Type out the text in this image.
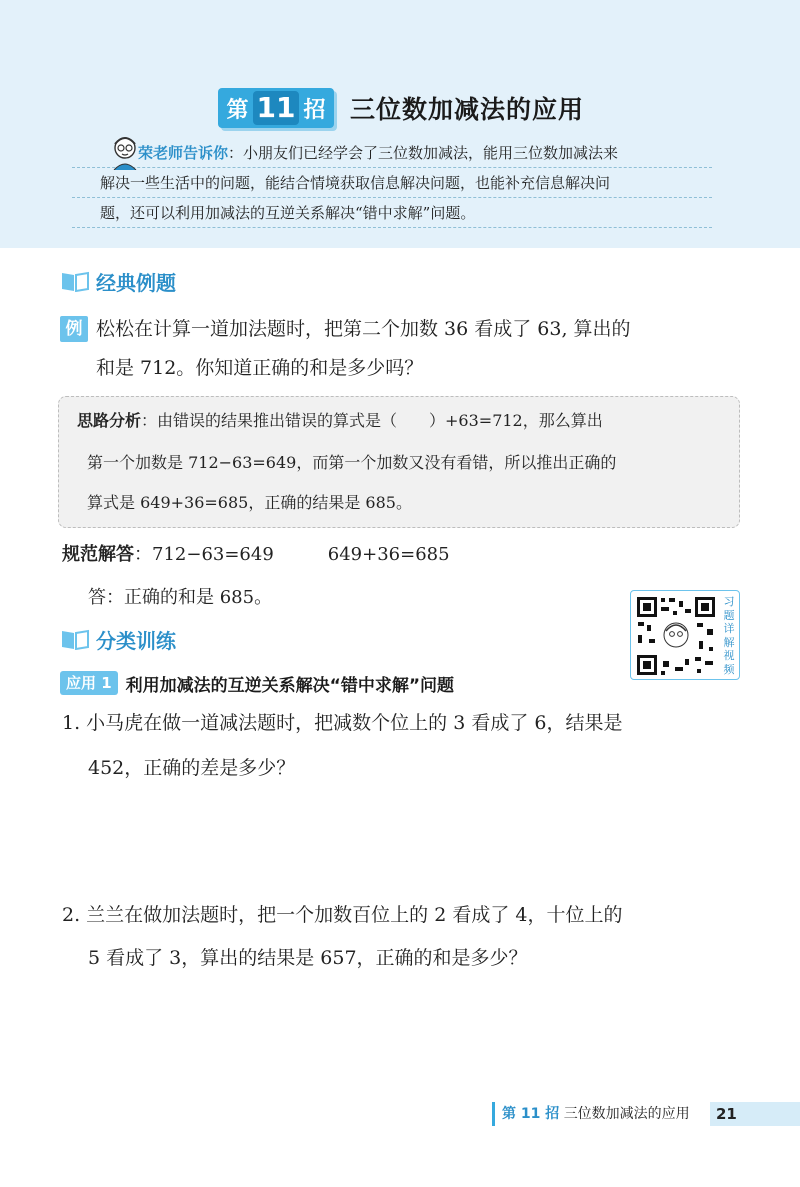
第 11 招 三位数加减法的应用
荣老师告诉你：小朋友们已经学会了三位数加减法，能用三位数加减法来
解决一些生活中的问题，能结合情境获取信息解决问题，也能补充信息解决问
题，还可以利用加减法的互逆关系解决“错中求解”问题。
经典例题
例 松松在计算一道加法题时，把第二个加数 36 看成了 63, 算出的
和是 712。你知道正确的和是多少吗？
思路分析：由错误的结果推出错误的算式是（　　）+63=712，那么算出
第一个加数是 712−63=649，而第一个加数又没有看错，所以推出正确的
算式是 649+36=685，正确的结果是 685。
规范解答：712−63=649　　　649+36=685
答：正确的和是 685。	习
题
详
解
视
频
分类训练
应用 1 利用加减法的互逆关系解决“错中求解”问题
1. 小马虎在做一道减法题时，把减数个位上的 3 看成了 6，结果是
452，正确的差是多少？
2. 兰兰在做加法题时，把一个加数百位上的 2 看成了 4，十位上的
5 看成了 3，算出的结果是 657，正确的和是多少？
第 11 招 三位数加减法的应用	21
